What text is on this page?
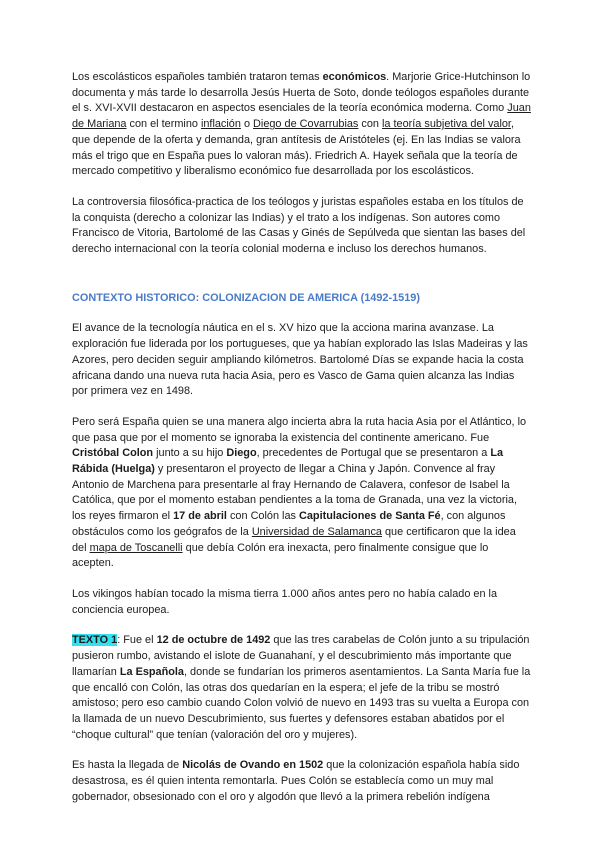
Los escolásticos españoles también trataron temas económicos. Marjorie Grice-Hutchinson lo documenta y más tarde lo desarrolla Jesús Huerta de Soto, donde teólogos españoles durante el s. XVI-XVII destacaron en aspectos esenciales de la teoría económica moderna. Como Juan de Mariana con el termino inflación o Diego de Covarrubias con la teoría subjetiva del valor, que depende de la oferta y demanda, gran antítesis de Aristóteles (ej. En las Indias se valora más el trigo que en España pues lo valoran más). Friedrich A. Hayek señala que la teoría de mercado competitivo y liberalismo económico fue desarrollada por los escolásticos.

La controversia filosófica-practica de los teólogos y juristas españoles estaba en los títulos de la conquista (derecho a colonizar las Indias) y el trato a los indígenas. Son autores como Francisco de Vitoria, Bartolomé de las Casas y Ginés de Sepúlveda que sientan las bases del derecho internacional con la teoría colonial moderna e incluso los derechos humanos.

CONTEXTO HISTORICO: COLONIZACION DE AMERICA (1492-1519)

El avance de la tecnología náutica en el s. XV hizo que la acciona marina avanzase. La exploración fue liderada por los portugueses, que ya habían explorado las Islas Madeiras y las Azores, pero deciden seguir ampliando kilómetros. Bartolomé Días se expande hacia la costa africana dando una nueva ruta hacia Asia, pero es Vasco de Gama quien alcanza las Indias por primera vez en 1498.

Pero será España quien se una manera algo incierta abra la ruta hacia Asia por el Atlántico, lo que pasa que por el momento se ignoraba la existencia del continente americano. Fue Cristóbal Colon junto a su hijo Diego, precedentes de Portugal que se presentaron a La Rábida (Huelga) y presentaron el proyecto de llegar a China y Japón. Convence al fray Antonio de Marchena para presentarle al fray Hernando de Calavera, confesor de Isabel la Católica, que por el momento estaban pendientes a la toma de Granada, una vez la victoria, los reyes firmaron el 17 de abril con Colón las Capitulaciones de Santa Fé, con algunos obstáculos como los geógrafos de la Universidad de Salamanca que certificaron que la idea del mapa de Toscanelli que debía Colón era inexacta, pero finalmente consigue que lo acepten.

Los vikingos habían tocado la misma tierra 1.000 años antes pero no había calado en la conciencia europea.

TEXTO 1: Fue el 12 de octubre de 1492 que las tres carabelas de Colón junto a su tripulación pusieron rumbo, avistando el islote de Guanahaní, y el descubrimiento más importante que llamarían La Española, donde se fundarían los primeros asentamientos. La Santa María fue la que encalló con Colón, las otras dos quedarían en la espera; el jefe de la tribu se mostró amistoso; pero eso cambio cuando Colon volvió de nuevo en 1493 tras su vuelta a Europa con la llamada de un nuevo Descubrimiento, sus fuertes y defensores estaban abatidos por el “choque cultural” que tenían (valoración del oro y mujeres).

Es hasta la llegada de Nicolás de Ovando en 1502 que la colonización española había sido desastrosa, es él quien intenta remontarla. Pues Colón se establecía como un muy mal gobernador, obsesionado con el oro y algodón que llevó a la primera rebelión indígena
